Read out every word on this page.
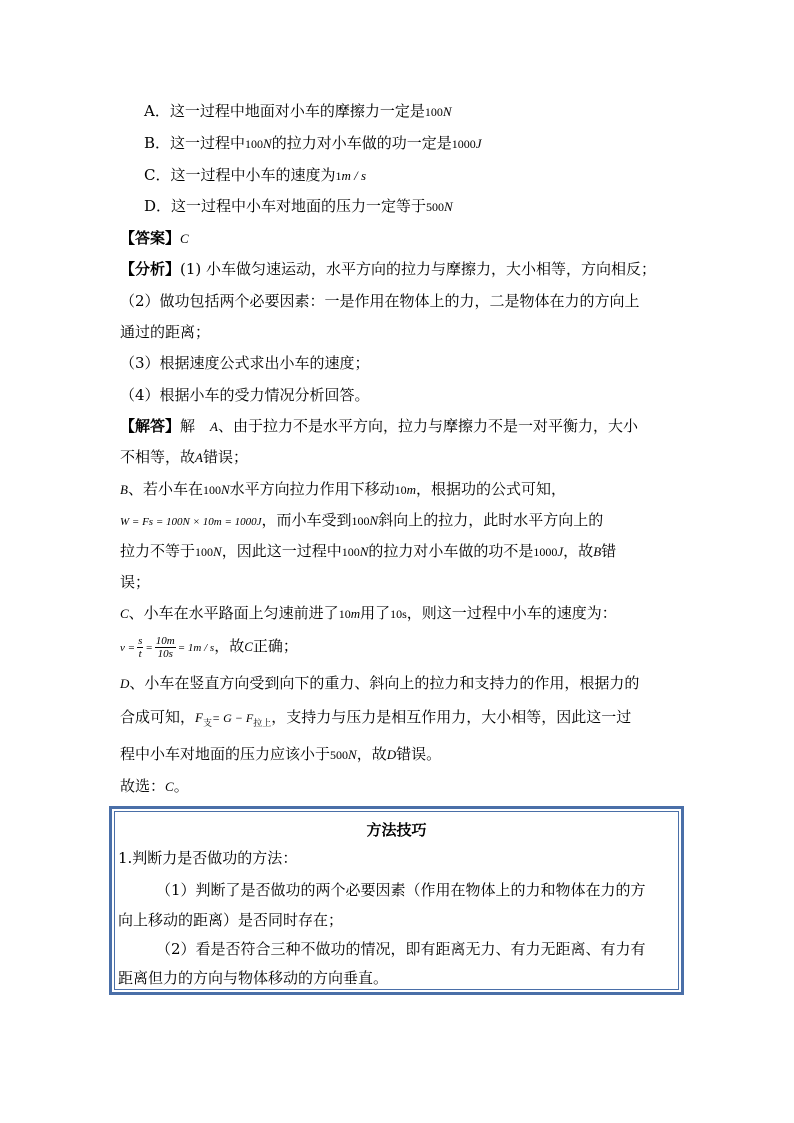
A．这一过程中地面对小车的摩擦力一定是100N
B．这一过程中100N的拉力对小车做的功一定是1000J
C．这一过程中小车的速度为1m / s
D．这一过程中小车对地面的压力一定等于500N
【答案】C
【分析】(1) 小车做匀速运动，水平方向的拉力与摩擦力，大小相等，方向相反；
（2）做功包括两个必要因素：一是作用在物体上的力，二是物体在力的方向上
通过的距离；
（3）根据速度公式求出小车的速度；
（4）根据小车的受力情况分析回答。
【解答】解　A、由于拉力不是水平方向，拉力与摩擦力不是一对平衡力，大小
不相等，故A错误；
B、若小车在100N水平方向拉力作用下移动10m，根据功的公式可知，
W = Fs = 100N × 10m = 1000J，而小车受到100N斜向上的拉力，此时水平方向上的
拉力不等于100N，因此这一过程中100N的拉力对小车做的功不是1000J，故B错
误；
C、小车在水平路面上匀速前进了10m用了10s，则这一过程中小车的速度为：
$v = \frac{s}{t} = \frac{10m}{10s} = 1m / s$，故C正确；
D、小车在竖直方向受到向下的重力、斜向上的拉力和支持力的作用，根据力的
合成可知，$F_支= G - F_{拉上}$，支持力与压力是相互作用力，大小相等，因此这一过
程中小车对地面的压力应该小于500N，故D错误。
故选：C。
方法技巧
1.判断力是否做功的方法：
（1）判断了是否做功的两个必要因素（作用在物体上的力和物体在力的方
向上移动的距离）是否同时存在；
（2）看是否符合三种不做功的情况，即有距离无力、有力无距离、有力有
距离但力的方向与物体移动的方向垂直。
